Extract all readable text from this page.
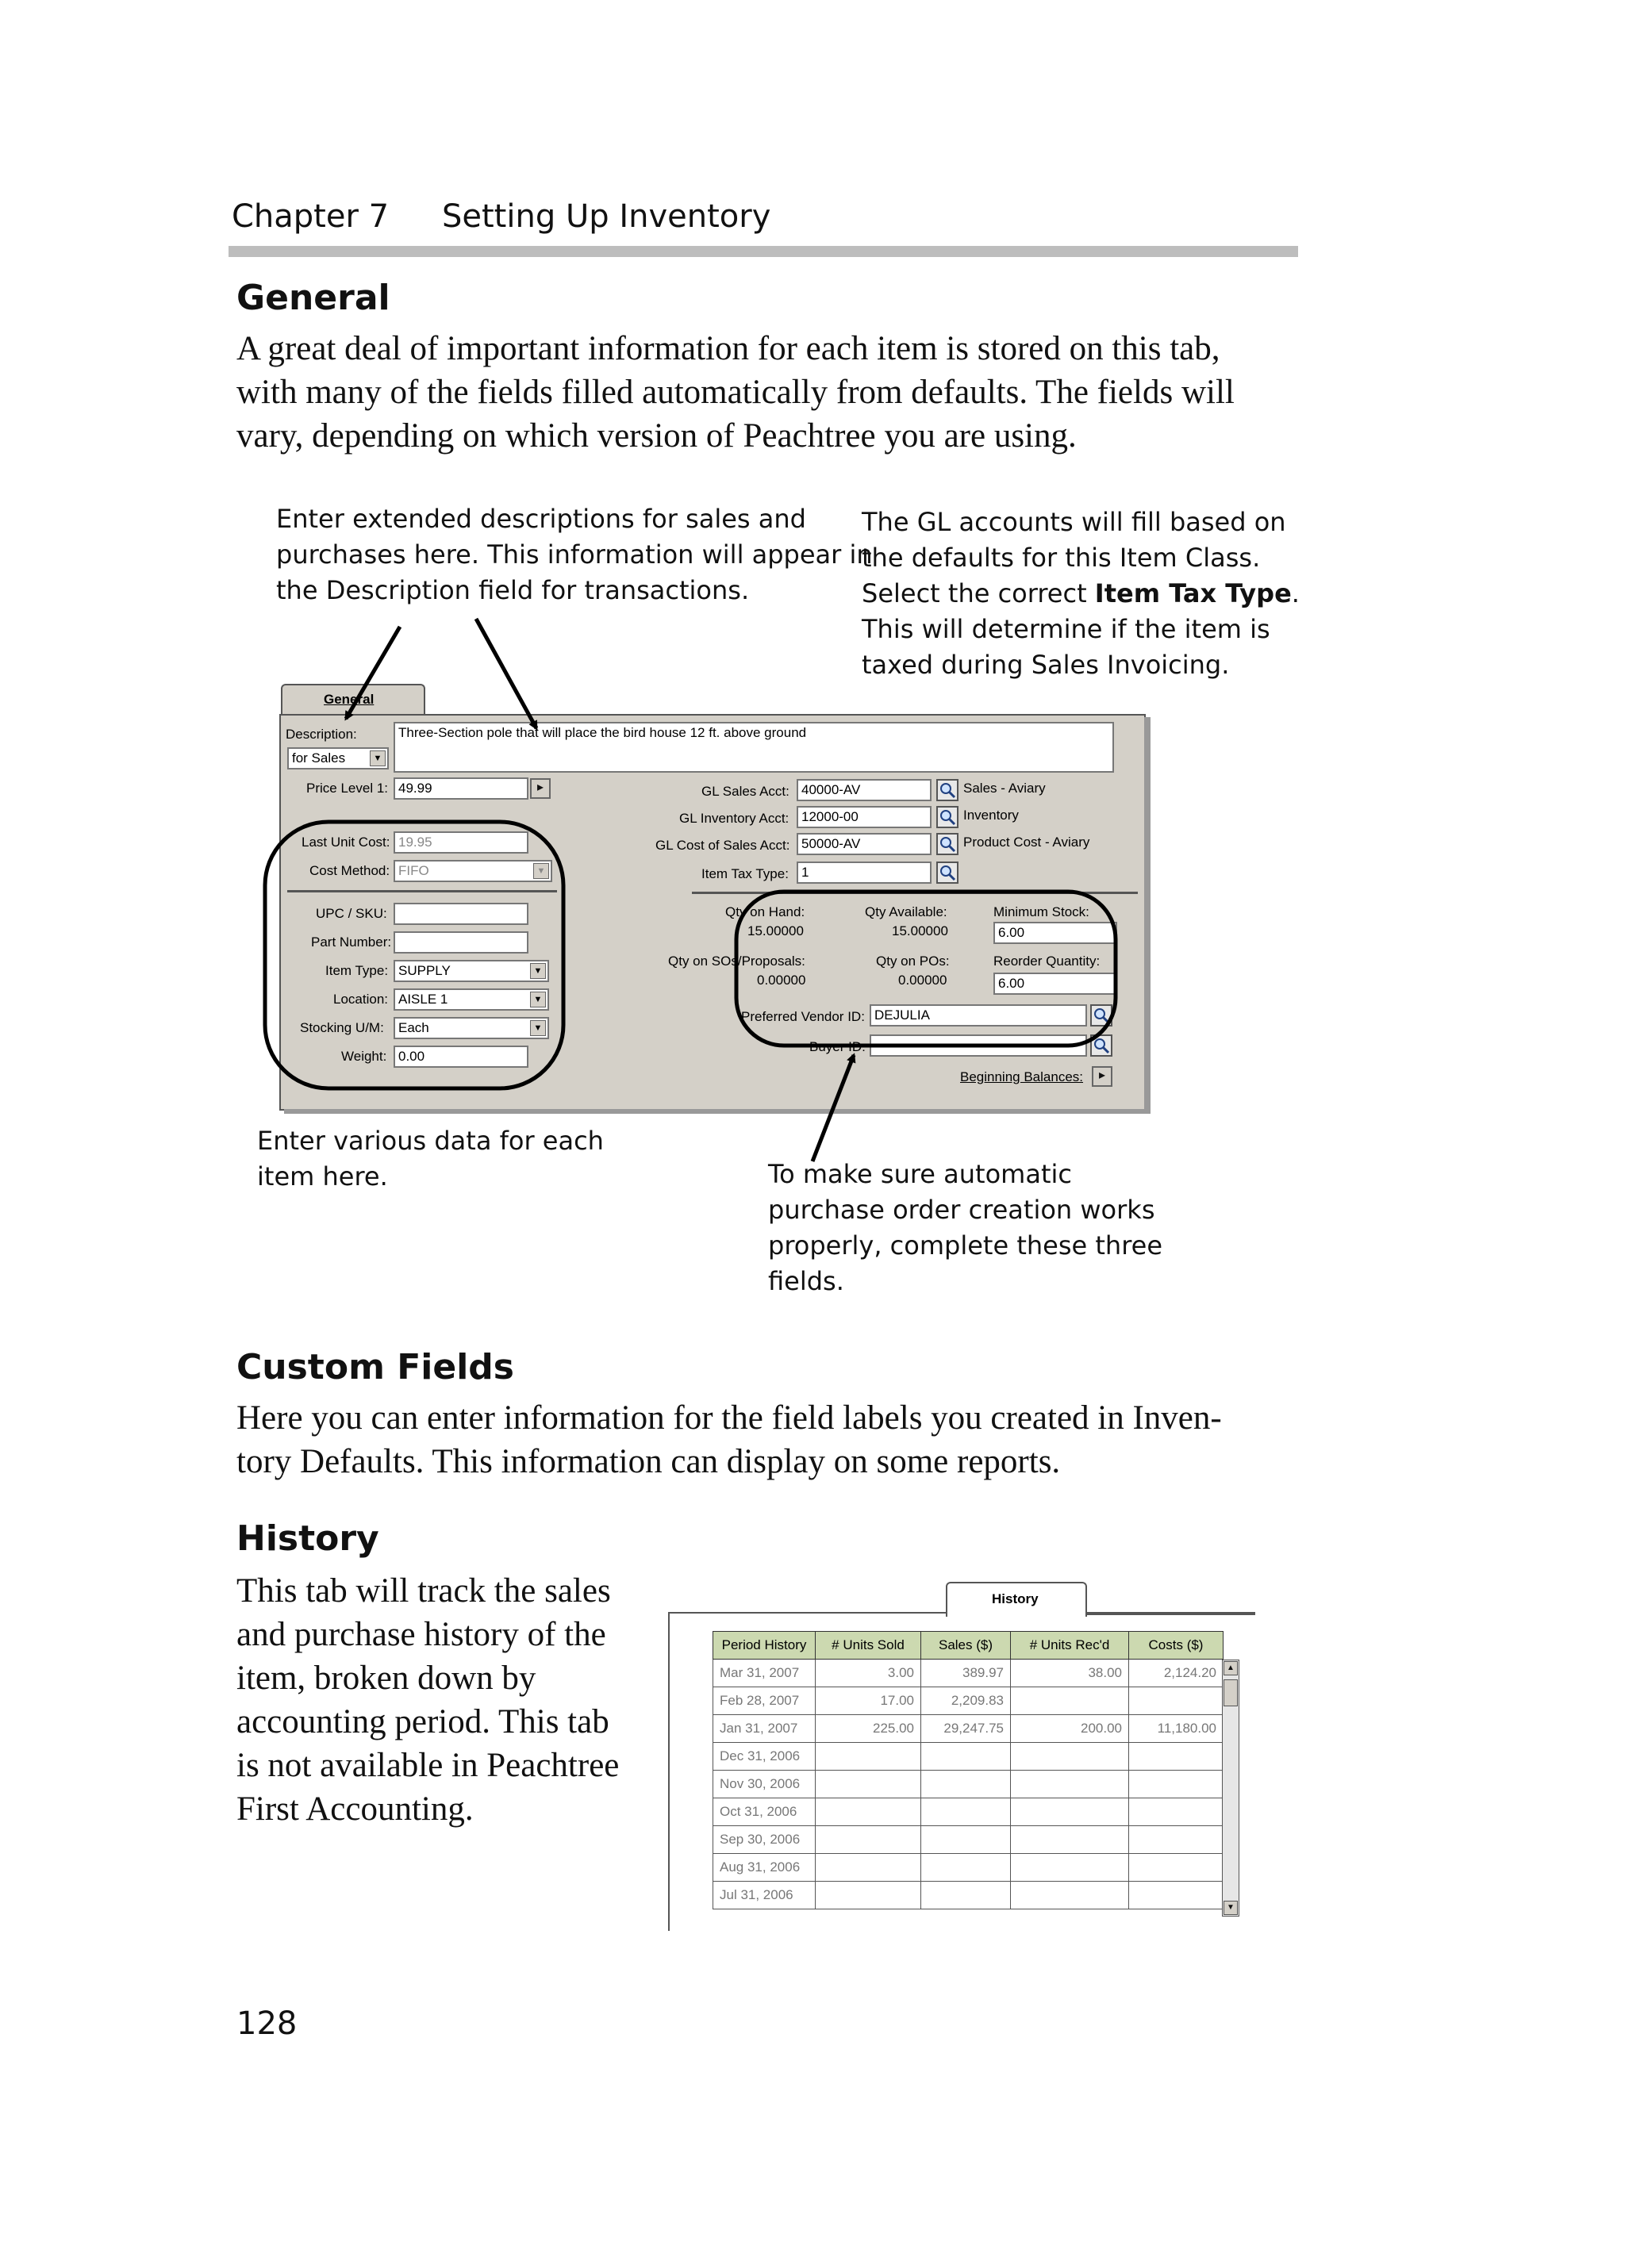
Chapter 7 Setting Up Inventory
General
A great deal of important information for each item is stored on this tab,
with many of the fields filled automatically from defaults. The fields will
vary, depending on which version of Peachtree you are using.
Enter extended descriptions for sales and
purchases here. This information will appear in
the Description field for transactions.
The GL accounts will fill based on
the defaults for this Item Class.
Select the correct Item Tax Type.
This will determine if the item is
taxed during Sales Invoicing.
General
Description:
for Sales	▼
Three-Section pole that will place the bird house 12 ft. above ground
Price Level 1: 49.99	▸
Last Unit Cost: 19.95
Cost Method: FIFO	▼
UPC / SKU:
Part Number:
Item Type: SUPPLY	▼
Location: AISLE 1	▼
Stocking U/M:	Each	▼
Weight: 0.00
GL Sales Acct: 40000-AV	Sales - Aviary
GL Inventory Acct: 12000-00	Inventory
GL Cost of Sales Acct: 50000-AV	Product Cost - Aviary
Item Tax Type: 1
Qty on Hand:
15.00000
Qty Available:
15.00000
Minimum Stock:
6.00
Qty on SOs/Proposals:
0.00000
Qty on POs:
0.00000
Reorder Quantity:
6.00
Preferred Vendor ID: DEJULIA
Buyer ID:
Beginning Balances:	▸
Enter various data for each
item here.	To make sure automatic
purchase order creation works
properly, complete these three
fields.
Custom Fields
Here you can enter information for the field labels you created in Inven-
tory Defaults. This information can display on some reports.
History
This tab will track the sales
and purchase history of the
item, broken down by
accounting period. This tab
is not available in Peachtree
First Accounting.
History
Period History	# Units Sold	Sales ($)	# Units Rec'd	Costs ($)
Mar 31, 2007	3.00	389.97	38.00	2,124.20
Feb 28, 2007	17.00	2,209.83		
Jan 31, 2007	225.00	29,247.75	200.00	11,180.00
Dec 31, 2006				
Nov 30, 2006				
Oct 31, 2006				
Sep 30, 2006				
Aug 31, 2006				
Jul 31, 2006				
▲
▼
128
